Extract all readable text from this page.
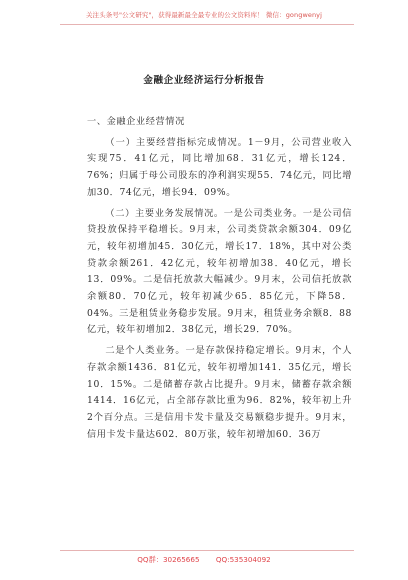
关注头条号"公文研究"，获得最新最全最专业的公文资料库！ 微信：gongwenyj
金融企业经济运行分析报告

一、金融企业经营情况

（一）主要经营指标完成情况。1－9月，公司营业收入实现75．41亿元，同比增加68．31亿元，增长124．76%；归属于母公司股东的净利润实现55．74亿元，同比增加30．74亿元，增长94．09%。

（二）主要业务发展情况。一是公司类业务。一是公司信贷投放保持平稳增长。9月末，公司类贷款余额304．09亿元，较年初增加45．30亿元，增长17．18%，其中对公类贷款余额261．42亿元，较年初增加38．40亿元，增长13．09%。二是信托放款大幅减少。9月末，公司信托放款余额80．70亿元，较年初减少65．85亿元，下降58．04%。三是租赁业务稳步发展。9月末，租赁业务余额8．88亿元，较年初增加2．38亿元，增长29．70%。

二是个人类业务。一是存款保持稳定增长。9月末，个人存款余额1436．81亿元，较年初增加141．35亿元，增长10．15%。二是储蓄存款占比提升。9月末，储蓄存款余额1414．16亿元，占全部存款比重为96．82%，较年初上升2个百分点。三是信用卡发卡量及交易额稳步提升。9月末，信用卡发卡量达602．80万张，较年初增加60．36万

QQ群：30265665 QQ:535304092
